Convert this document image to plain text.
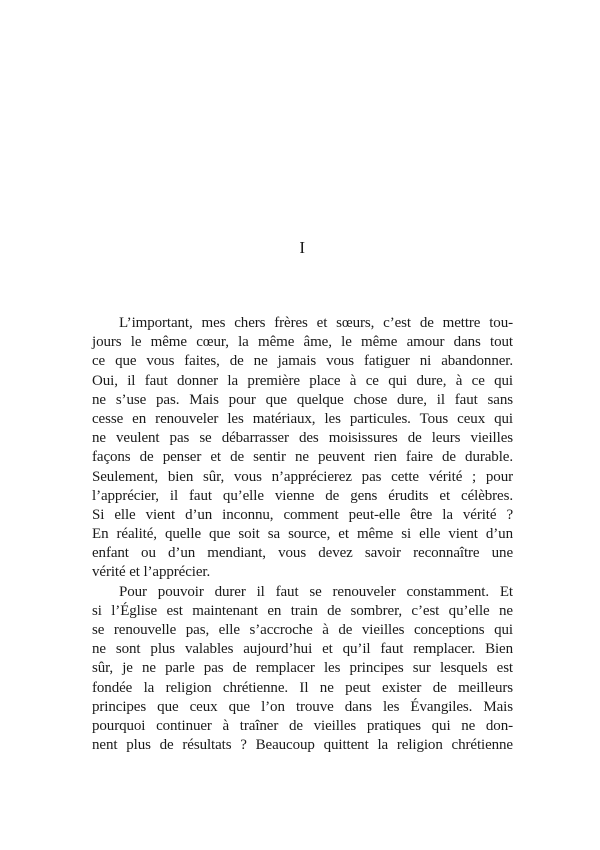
I
L’important, mes chers frères et sœurs, c’est de mettre tou-
jours le même cœur, la même âme, le même amour dans tout
ce que vous faites, de ne jamais vous fatiguer ni abandonner.
Oui, il faut donner la première place à ce qui dure, à ce qui
ne s’use pas. Mais pour que quelque chose dure, il faut sans
cesse en renouveler les matériaux, les particules. Tous ceux qui
ne veulent pas se débarrasser des moisissures de leurs vieilles
façons de penser et de sentir ne peuvent rien faire de durable.
Seulement, bien sûr, vous n’apprécierez pas cette vérité ; pour
l’apprécier, il faut qu’elle vienne de gens érudits et célèbres.
Si elle vient d’un inconnu, comment peut-elle être la vérité ?
En réalité, quelle que soit sa source, et même si elle vient d’un
enfant ou d’un mendiant, vous devez savoir reconnaître une
vérité et l’apprécier.
Pour pouvoir durer il faut se renouveler constamment. Et
si l’Église est maintenant en train de sombrer, c’est qu’elle ne
se renouvelle pas, elle s’accroche à de vieilles conceptions qui
ne sont plus valables aujourd’hui et qu’il faut remplacer. Bien
sûr, je ne parle pas de remplacer les principes sur lesquels est
fondée la religion chrétienne. Il ne peut exister de meilleurs
principes que ceux que l’on trouve dans les Évangiles. Mais
pourquoi continuer à traîner de vieilles pratiques qui ne don-
nent plus de résultats ? Beaucoup quittent la religion chrétienne
